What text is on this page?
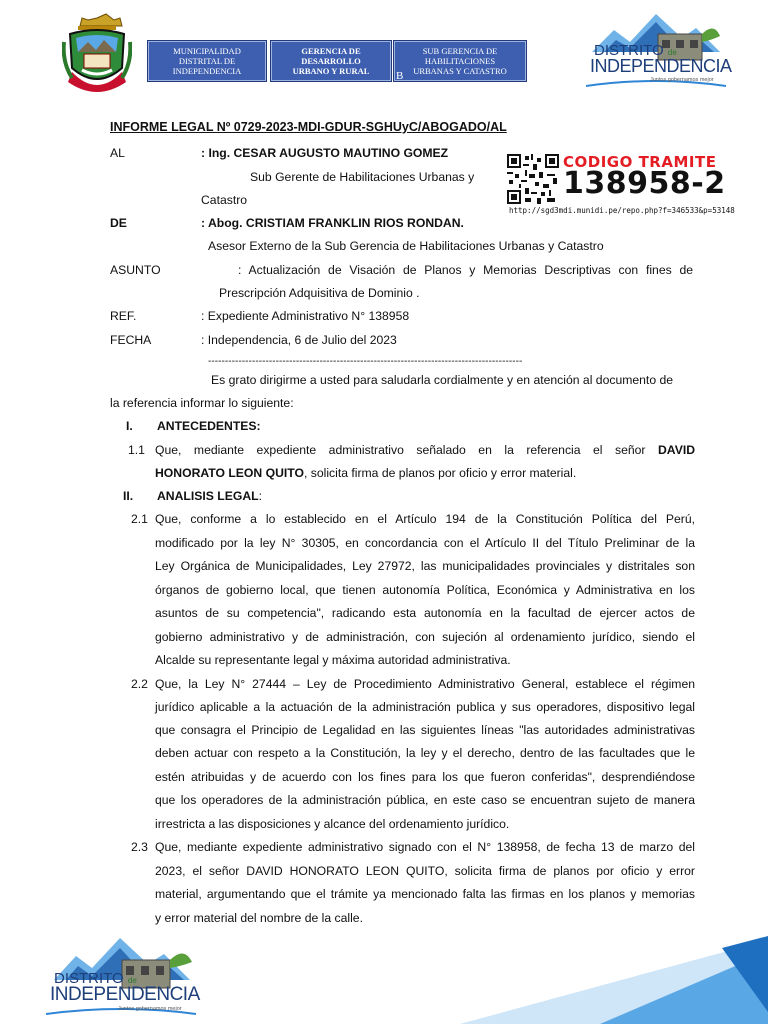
MUNICIPALIDAD
DISTRITAL DE
INDEPENDENCIA
GERENCIA DE
DESARROLLO
URBANO Y RURAL
SUB GERENCIA DE
HABILITACIONES
URBANAS Y CATASTRO
B
DISTRITO de
INDEPENDENCIA
Juntos gobernamos mejor
INFORME LEGAL Nº 0729-2023-MDI-GDUR-SGHUyC/ABOGADO/AL
CODIGO TRAMITE
138958-2
http://sgd3mdi.munidi.pe/repo.php?f=346533&p=53148
AL	: Ing. CESAR AUGUSTO MAUTINO GOMEZ
Sub Gerente de Habilitaciones Urbanas y
Catastro
DE	: Abog. CRISTIAM FRANKLIN RIOS RONDAN.
Asesor Externo de la Sub Gerencia de Habilitaciones Urbanas y Catastro
ASUNTO	: Actualización de Visación de Planos y Memorias Descriptivas con fines de
Prescripción Adquisitiva de Dominio .
REF.	: Expediente Administrativo N° 138958
FECHA	: Independencia, 6 de Julio del 2023
---------------------------------------------------------------------------------------------
Es grato dirigirme a usted para saludarla cordialmente y en atención al documento de
la referencia informar lo siguiente:
I. ANTECEDENTES:
1.1 Que, mediante expediente administrativo señalado en la referencia el señor DAVID
HONORATO LEON QUITO, solicita firma de planos por oficio y error material.
II. ANALISIS LEGAL:
2.1 Que, conforme a lo establecido en el Artículo 194 de la Constitución Política del Perú,
modificado por la ley N° 30305, en concordancia con el Artículo II del Título Preliminar de la
Ley Orgánica de Municipalidades, Ley 27972, las municipalidades provinciales y distritales son
órganos de gobierno local, que tienen autonomía Política, Económica y Administrativa en los
asuntos de su competencia", radicando esta autonomía en la facultad de ejercer actos de
gobierno administrativo y de administración, con sujeción al ordenamiento jurídico, siendo el
Alcalde su representante legal y máxima autoridad administrativa.
2.2 Que, la Ley N° 27444 – Ley de Procedimiento Administrativo General, establece el régimen
jurídico aplicable a la actuación de la administración publica y sus operadores, dispositivo legal
que consagra el Principio de Legalidad en las siguientes líneas "las autoridades administrativas
deben actuar con respeto a la Constitución, la ley y el derecho, dentro de las facultades que le
estén atribuidas y de acuerdo con los fines para los que fueron conferidas", desprendiéndose
que los operadores de la administración pública, en este caso se encuentran sujeto de manera
irrestricta a las disposiciones y alcance del ordenamiento jurídico.
2.3 Que, mediante expediente administrativo signado con el N° 138958, de fecha 13 de marzo del
2023, el señor DAVID HONORATO LEON QUITO, solicita firma de planos por oficio y error
material, argumentando que el trámite ya mencionado falta las firmas en los planos y memorias
y error material del nombre de la calle.
DISTRITO de
INDEPENDENCIA
Juntos gobernamos mejor
